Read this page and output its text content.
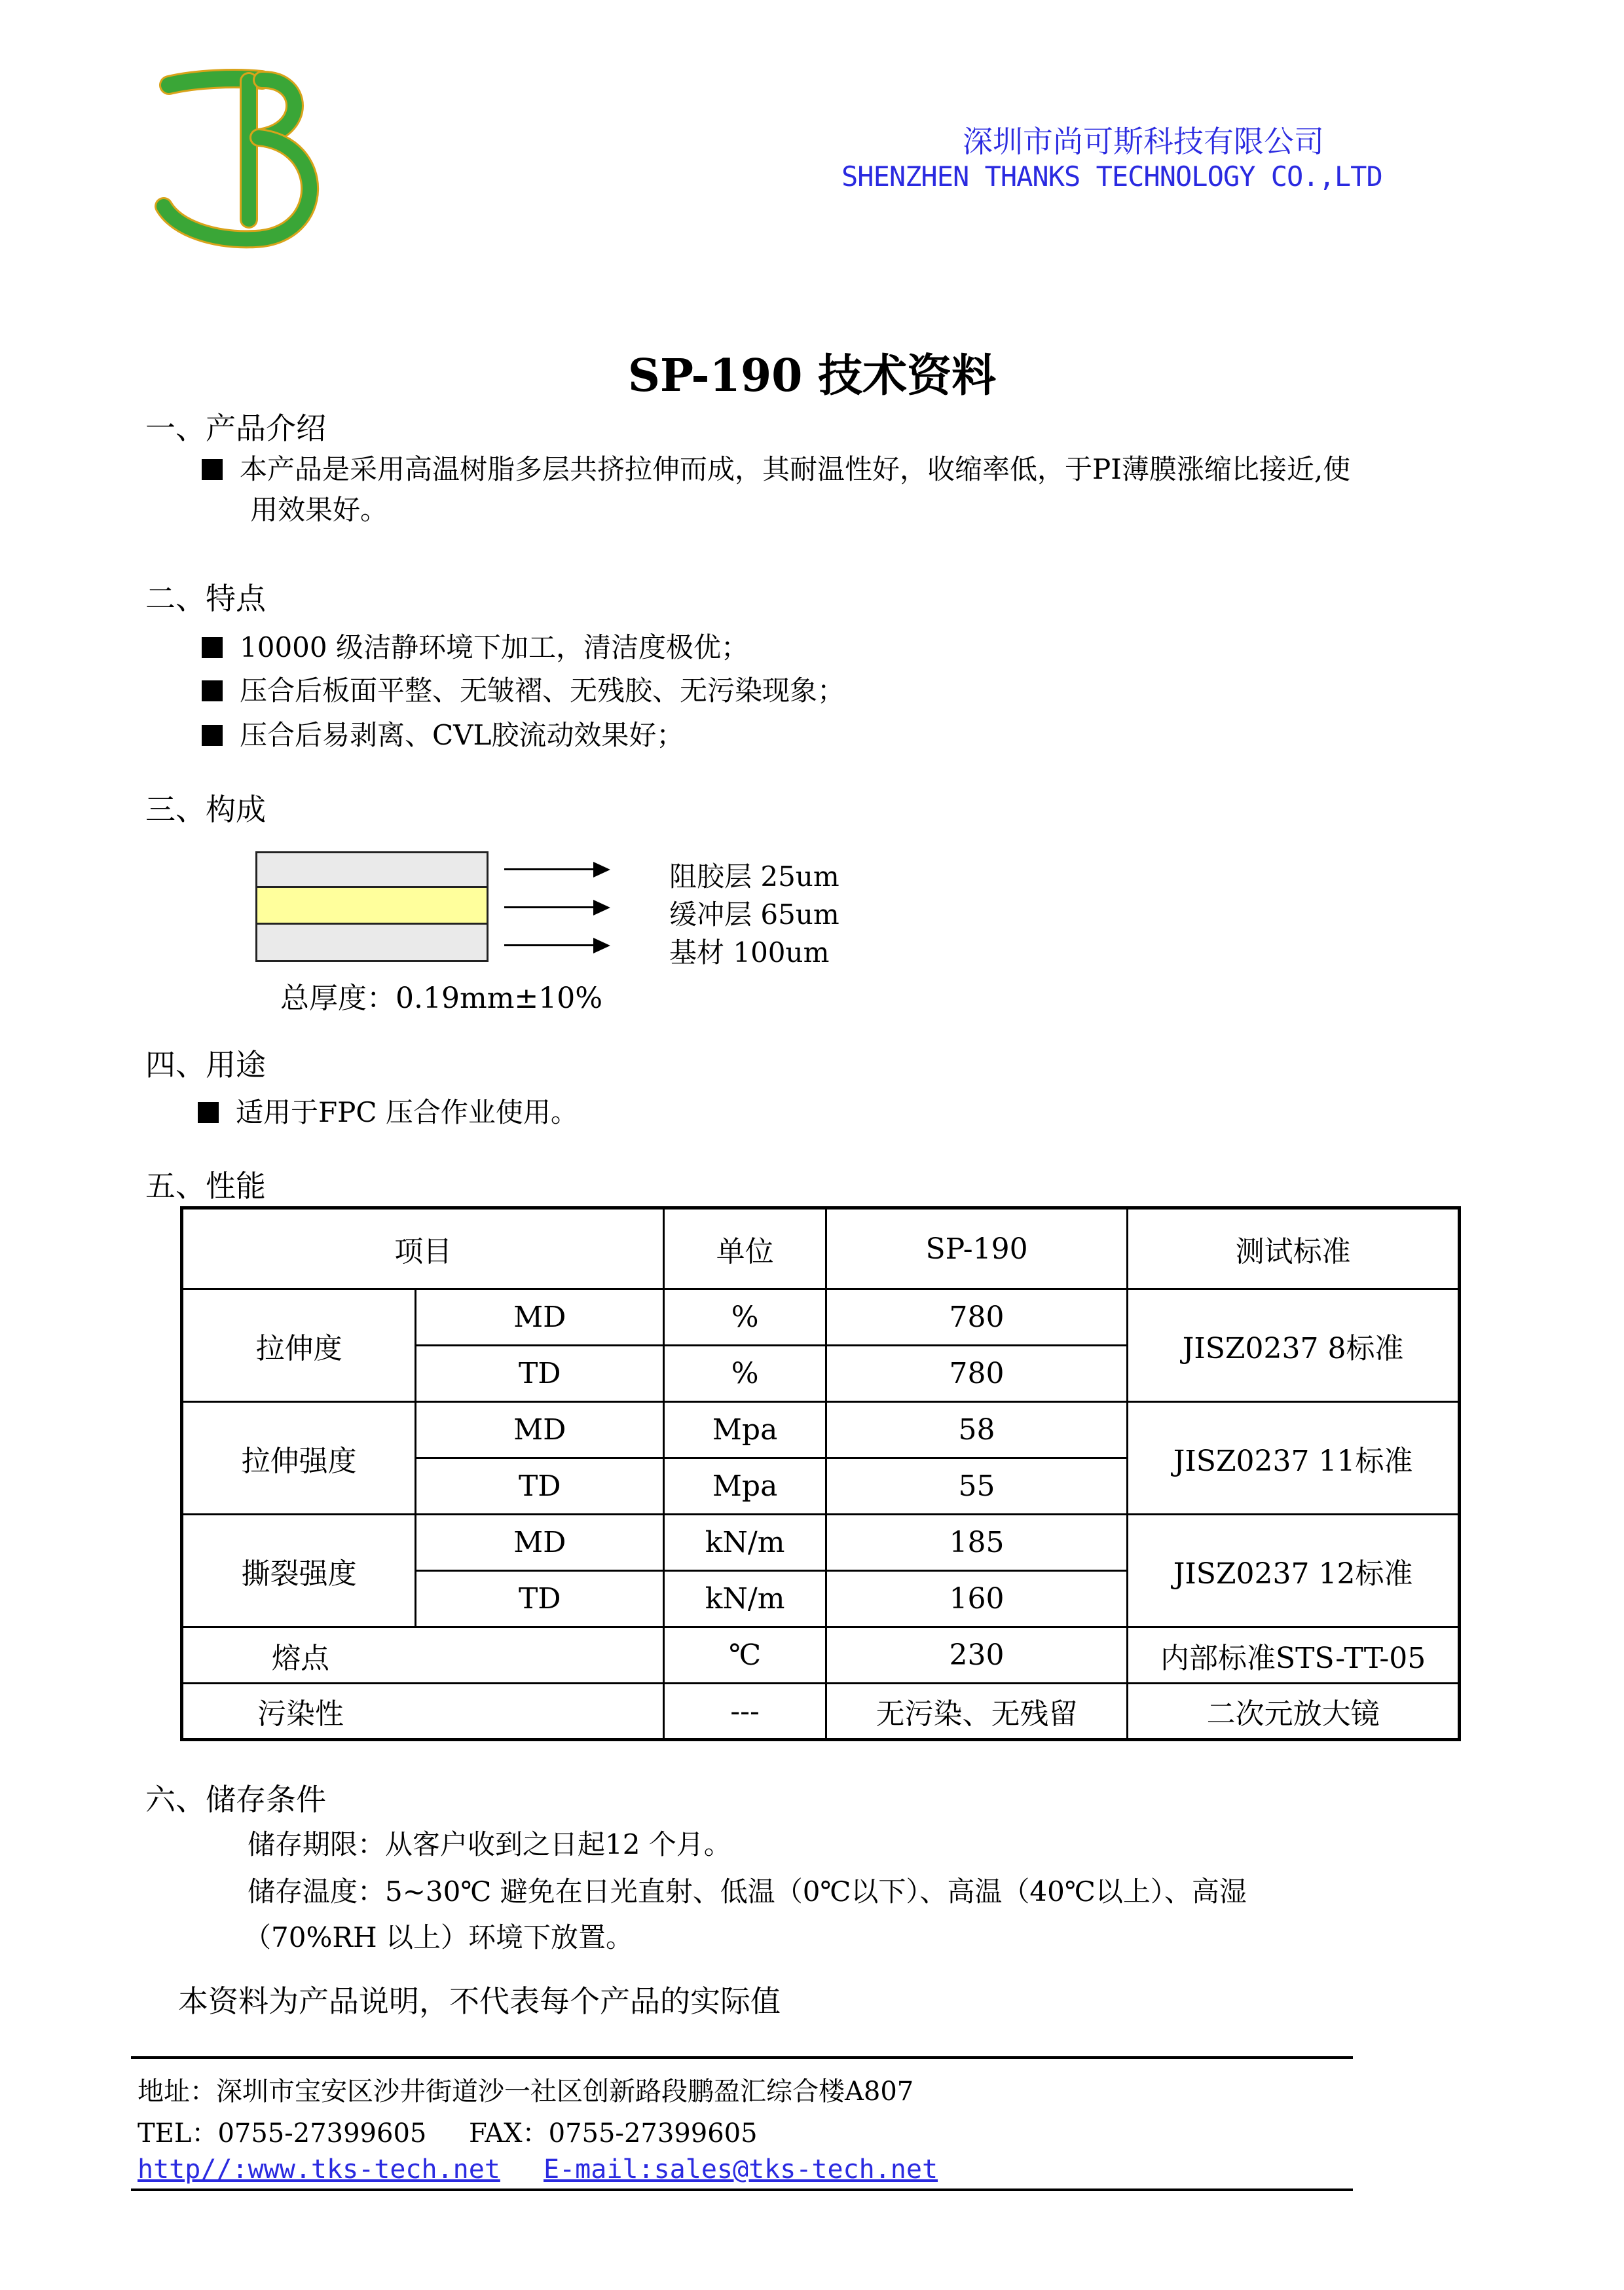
深圳市尚可斯科技有限公司
SHENZHEN THANKS TECHNOLOGY CO.,LTD
SP-190 技术资料
一、产品介绍
本产品是采用高温树脂多层共挤拉伸而成，其耐温性好，收缩率低，于PI薄膜涨缩比接近,使
用效果好。
二、特点
10000 级洁静环境下加工，清洁度极优；
压合后板面平整、无皱褶、无残胶、无污染现象；
压合后易剥离、CVL胶流动效果好；
三、构成
阻胶层 25um
缓冲层 65um
基材 100um
总厚度：0.19mm±10%
四、用途
适用于FPC 压合作业使用。
五、性能
项目		单位	SP-190	测试标准
拉伸度	MD	%	780	JISZ0237 8标准
	TD	%	780	
拉伸强度	MD	Mpa	58	JISZ0237 11标准
	TD	Mpa	55	
撕裂强度	MD	kN/m	185	JISZ0237 12标准
	TD	kN/m	160	

熔点		℃	230	内部标准STS-TT-05

污染性		---	无污染、无残留	二次元放大镜
六、储存条件
储存期限：从客户收到之日起12 个月。
储存温度：5~30℃ 避免在日光直射、低温（0℃以下）、高温（40℃以上）、高湿
（70%RH 以上）环境下放置。
本资料为产品说明，不代表每个产品的实际值
地址：深圳市宝安区沙井街道沙一社区创新路段鹏盈汇综合楼A807
TEL：0755-27399605 FAX：0755-27399605
http//:www.tks-tech.net E-mail:sales@tks-tech.net
